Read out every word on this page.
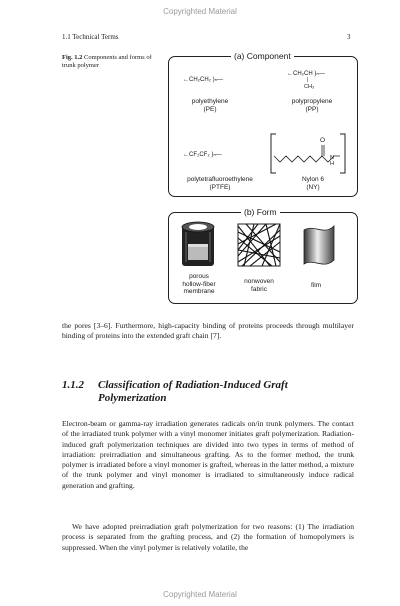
Copyrighted Material
1.1 Technical Terms	3
Fig. 1.2 Components and forms of trunk polymer
(a) Component
←CH₂CH₂ )ₙ—
polyethylene
(PE)
←CH₂CH )ₙ—
|
CH₃
polypropylene
(PP)
←CF₂CF₂ )ₙ—
polytetrafluoroethylene
(PTFE)
O
N
H
Nylon 6
(NY)
(b) Form
porous
hollow-fiber
membrane
nonwoven
fabric	film
the pores [3–6]. Furthermore, high-capacity binding of proteins proceeds through multilayer binding of proteins into the extended graft chain [7].
1.1.2 Classification of Radiation-Induced Graft
Polymerization
Electron-beam or gamma-ray irradiation generates radicals on/in trunk polymers. The contact of the irradiated trunk polymer with a vinyl monomer initiates graft polymerization. Radiation-induced graft polymerization techniques are divided into two types in terms of method of irradiation: preirradiation and simultaneous grafting. As to the former method, the trunk polymer is irradiated before a vinyl monomer is grafted, whereas in the latter method, a mixture of the trunk polymer and vinyl monomer is irradiated to simultaneously induce radical generation and grafting.
We have adopted preirradiation graft polymerization for two reasons: (1) The irradiation process is separated from the grafting process, and (2) the formation of homopolymers is suppressed. When the vinyl polymer is relatively volatile, the
Copyrighted Material
